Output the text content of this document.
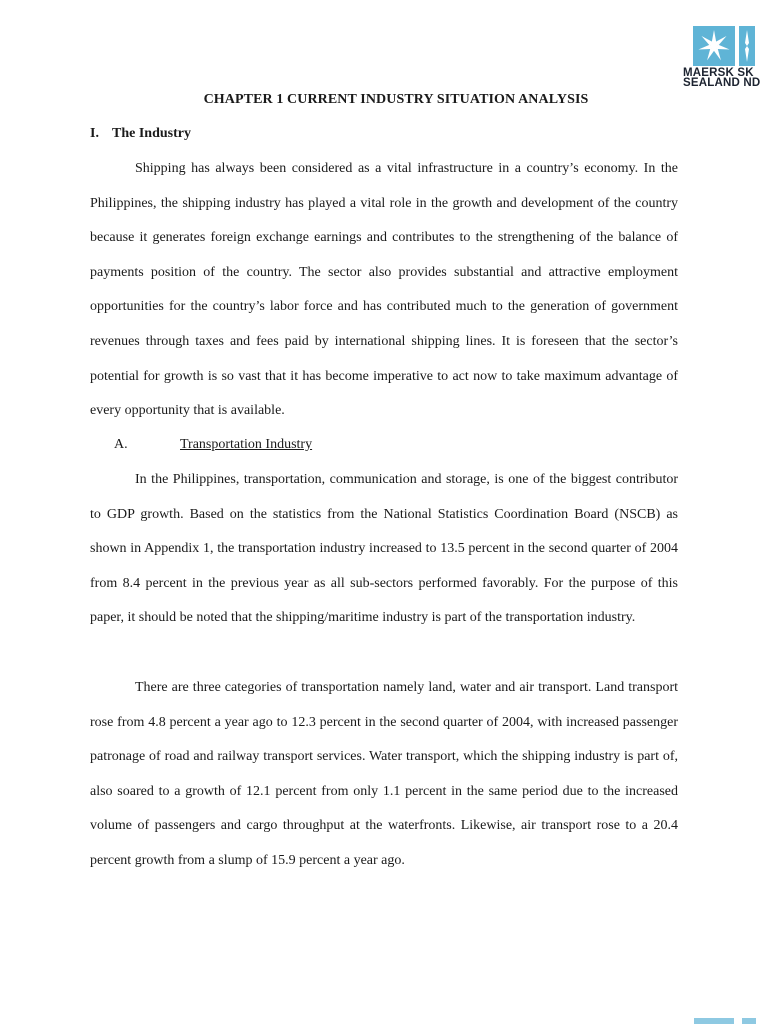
MAERSK SK
SEALAND ND
CHAPTER 1 CURRENT INDUSTRY SITUATION ANALYSIS
I. The Industry

Shipping has always been considered as a vital infrastructure in a country’s economy. In the Philippines, the shipping industry has played a vital role in the growth and development of the country because it generates foreign exchange earnings and contributes to the strengthening of the balance of payments position of the country. The sector also provides substantial and attractive employment opportunities for the country’s labor force and has contributed much to the generation of government revenues through taxes and fees paid by international shipping lines. It is foreseen that the sector’s potential for growth is so vast that it has become imperative to act now to take maximum advantage of every opportunity that is available.

A.	Transportation Industry

In the Philippines, transportation, communication and storage, is one of the biggest contributor to GDP growth. Based on the statistics from the National Statistics Coordination Board (NSCB) as shown in Appendix 1, the transportation industry increased to 13.5 percent in the second quarter of 2004 from 8.4 percent in the previous year as all sub-sectors performed favorably. For the purpose of this paper, it should be noted that the shipping/maritime industry is part of the transportation industry.

There are three categories of transportation namely land, water and air transport. Land transport rose from 4.8 percent a year ago to 12.3 percent in the second quarter of 2004, with increased passenger patronage of road and railway transport services. Water transport, which the shipping industry is part of, also soared to a growth of 12.1 percent from only 1.1 percent in the same period due to the increased volume of passengers and cargo throughput at the waterfronts. Likewise, air transport rose to a 20.4 percent growth from a slump of 15.9 percent a year ago.
